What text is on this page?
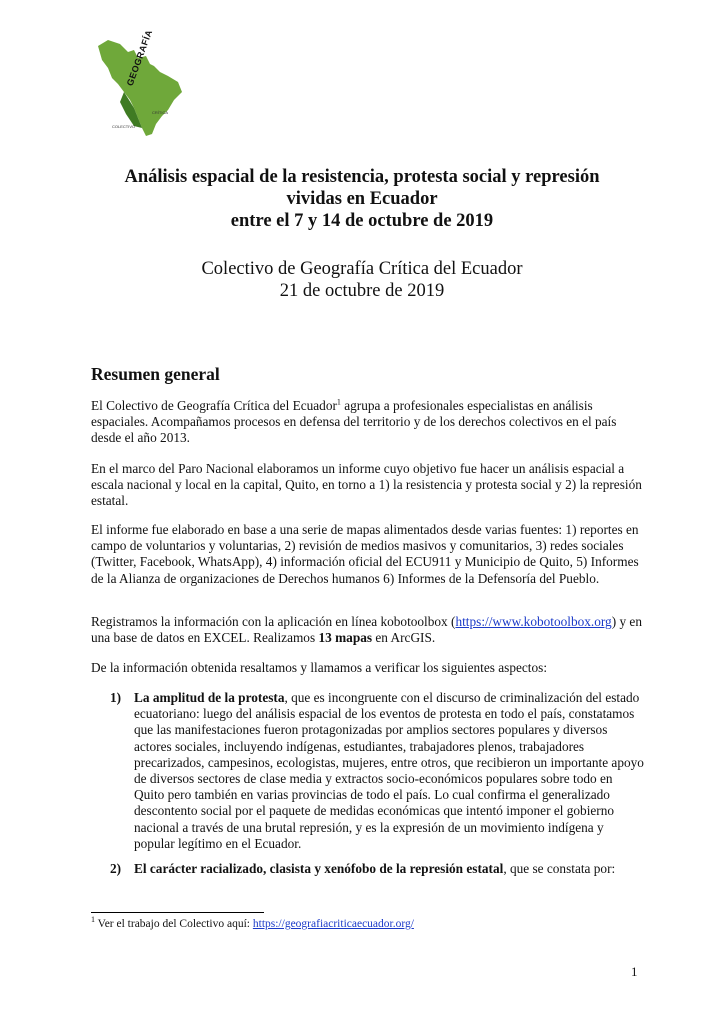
GEOGRAFÍA
COLECTIVO
CRÍTICA
Análisis espacial de la resistencia, protesta social y represión
vividas en Ecuador
entre el 7 y 14 de octubre de 2019
Colectivo de Geografía Crítica del Ecuador
21 de octubre de 2019
Resumen general
El Colectivo de Geografía Crítica del Ecuador$^1$ agrupa a profesionales especialistas en análisis espaciales. Acompañamos procesos en defensa del territorio y de los derechos colectivos en el país desde el año 2013.
En el marco del Paro Nacional elaboramos un informe cuyo objetivo fue hacer un análisis espacial a escala nacional y local en la capital, Quito, en torno a 1) la resistencia y protesta social y 2) la represión estatal.
El informe fue elaborado en base a una serie de mapas alimentados desde varias fuentes: 1) reportes en campo de voluntarios y voluntarias, 2) revisión de medios masivos y comunitarios, 3) redes sociales (Twitter, Facebook, WhatsApp), 4) información oficial del ECU911 y Municipio de Quito, 5) Informes de la Alianza de organizaciones de Derechos humanos 6) Informes de la Defensoría del Pueblo.
Registramos la información con la aplicación en línea kobotoolbox (https://www.kobotoolbox.org) y en una base de datos en EXCEL. Realizamos 13 mapas en ArcGIS.
De la información obtenida resaltamos y llamamos a verificar los siguientes aspectos:
1) La amplitud de la protesta, que es incongruente con el discurso de criminalización del estado ecuatoriano: luego del análisis espacial de los eventos de protesta en todo el país, constatamos que las manifestaciones fueron protagonizadas por amplios sectores populares y diversos actores sociales, incluyendo indígenas, estudiantes, trabajadores plenos, trabajadores precarizados, campesinos, ecologistas, mujeres, entre otros, que recibieron un importante apoyo de diversos sectores de clase media y extractos socio-económicos populares sobre todo en Quito pero también en varias provincias de todo el país. Lo cual confirma el generalizado descontento social por el paquete de medidas económicas que intentó imponer el gobierno nacional a través de una brutal represión, y es la expresión de un movimiento indígena y popular legítimo en el Ecuador.
2) El carácter racializado, clasista y xenófobo de la represión estatal, que se constata por:
$^1$ Ver el trabajo del Colectivo aquí: https://geografiacriticaecuador.org/
1
